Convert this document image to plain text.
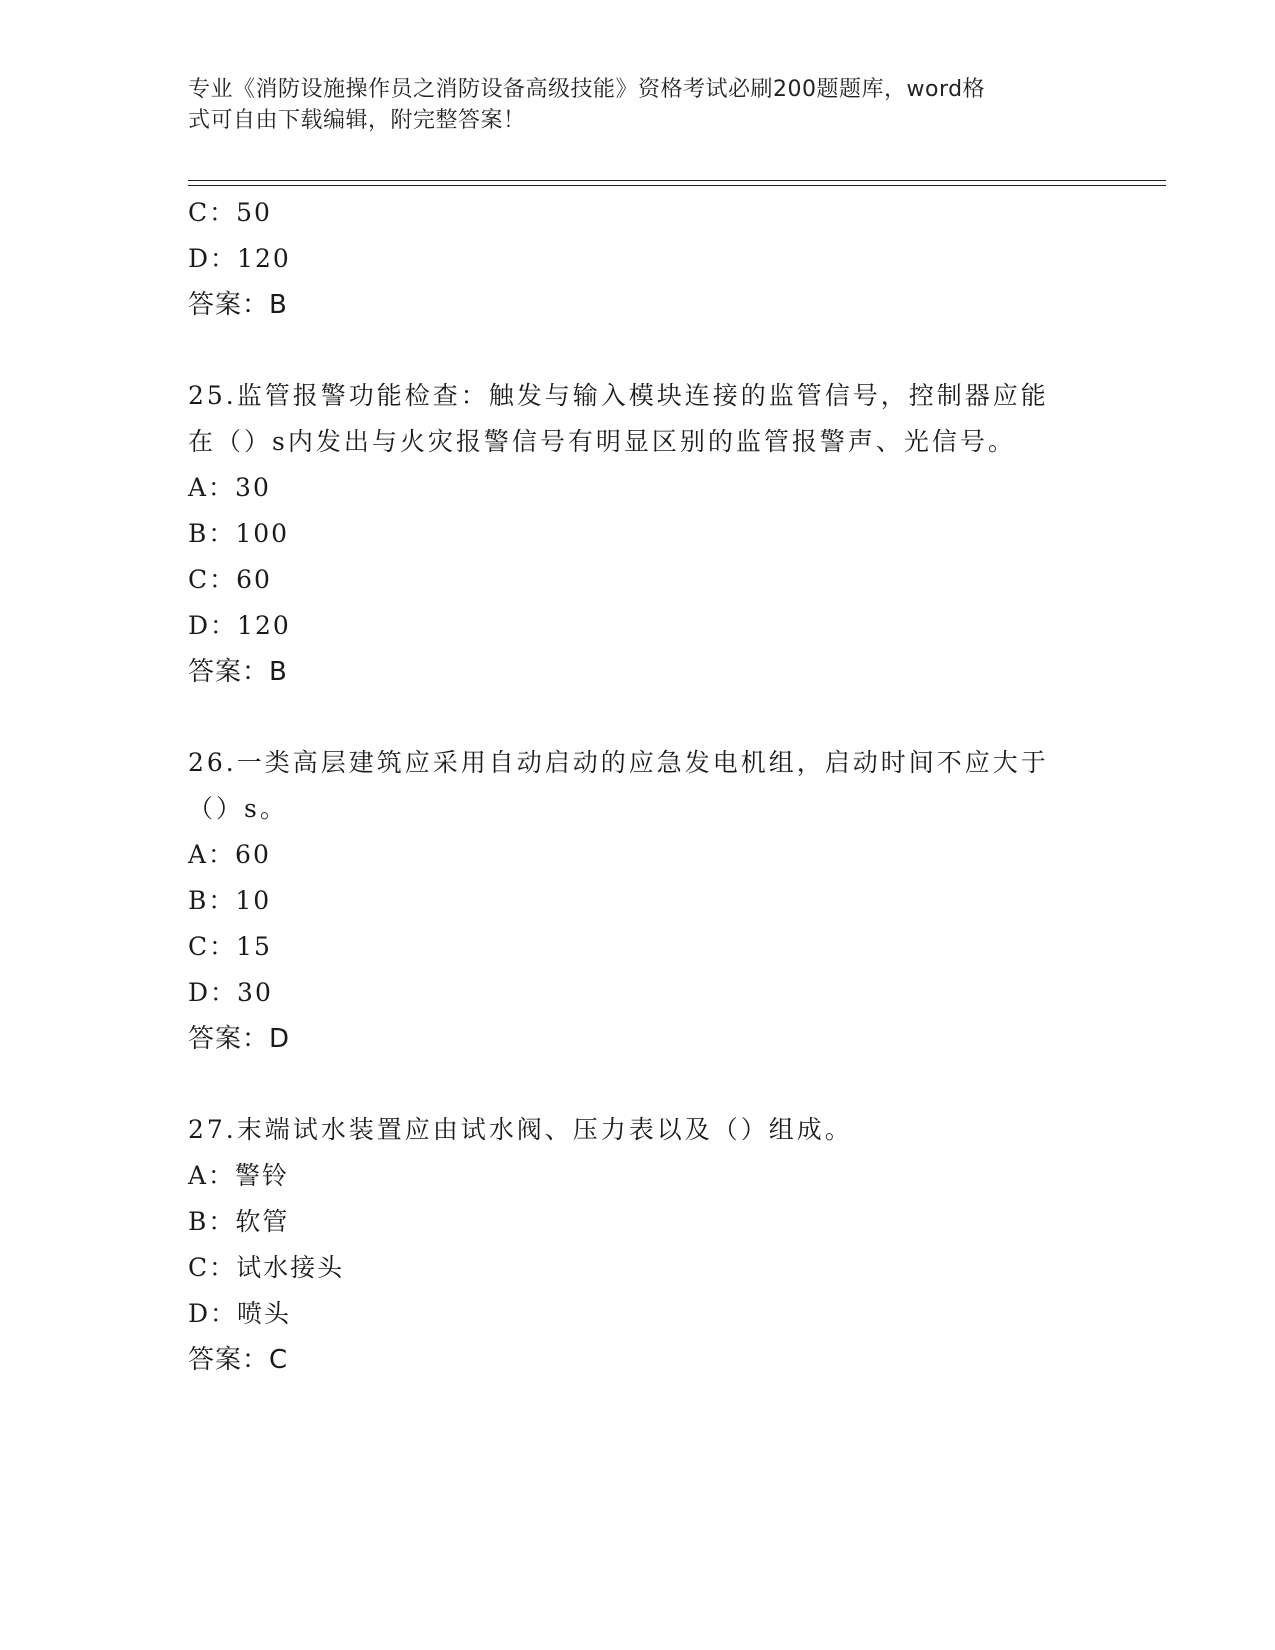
专业《消防设施操作员之消防设备高级技能》资格考试必刷200题题库，word格
式可自由下载编辑，附完整答案！
C：50
D：120
答案：B
25.监管报警功能检查：触发与输入模块连接的监管信号，控制器应能
在（）s内发出与火灾报警信号有明显区别的监管报警声、光信号。
A：30
B：100
C：60
D：120
答案：B
26.一类高层建筑应采用自动启动的应急发电机组，启动时间不应大于
（）s。
A：60
B：10
C：15
D：30
答案：D
27.末端试水装置应由试水阀、压力表以及（）组成。
A：警铃
B：软管
C：试水接头
D：喷头
答案：C
